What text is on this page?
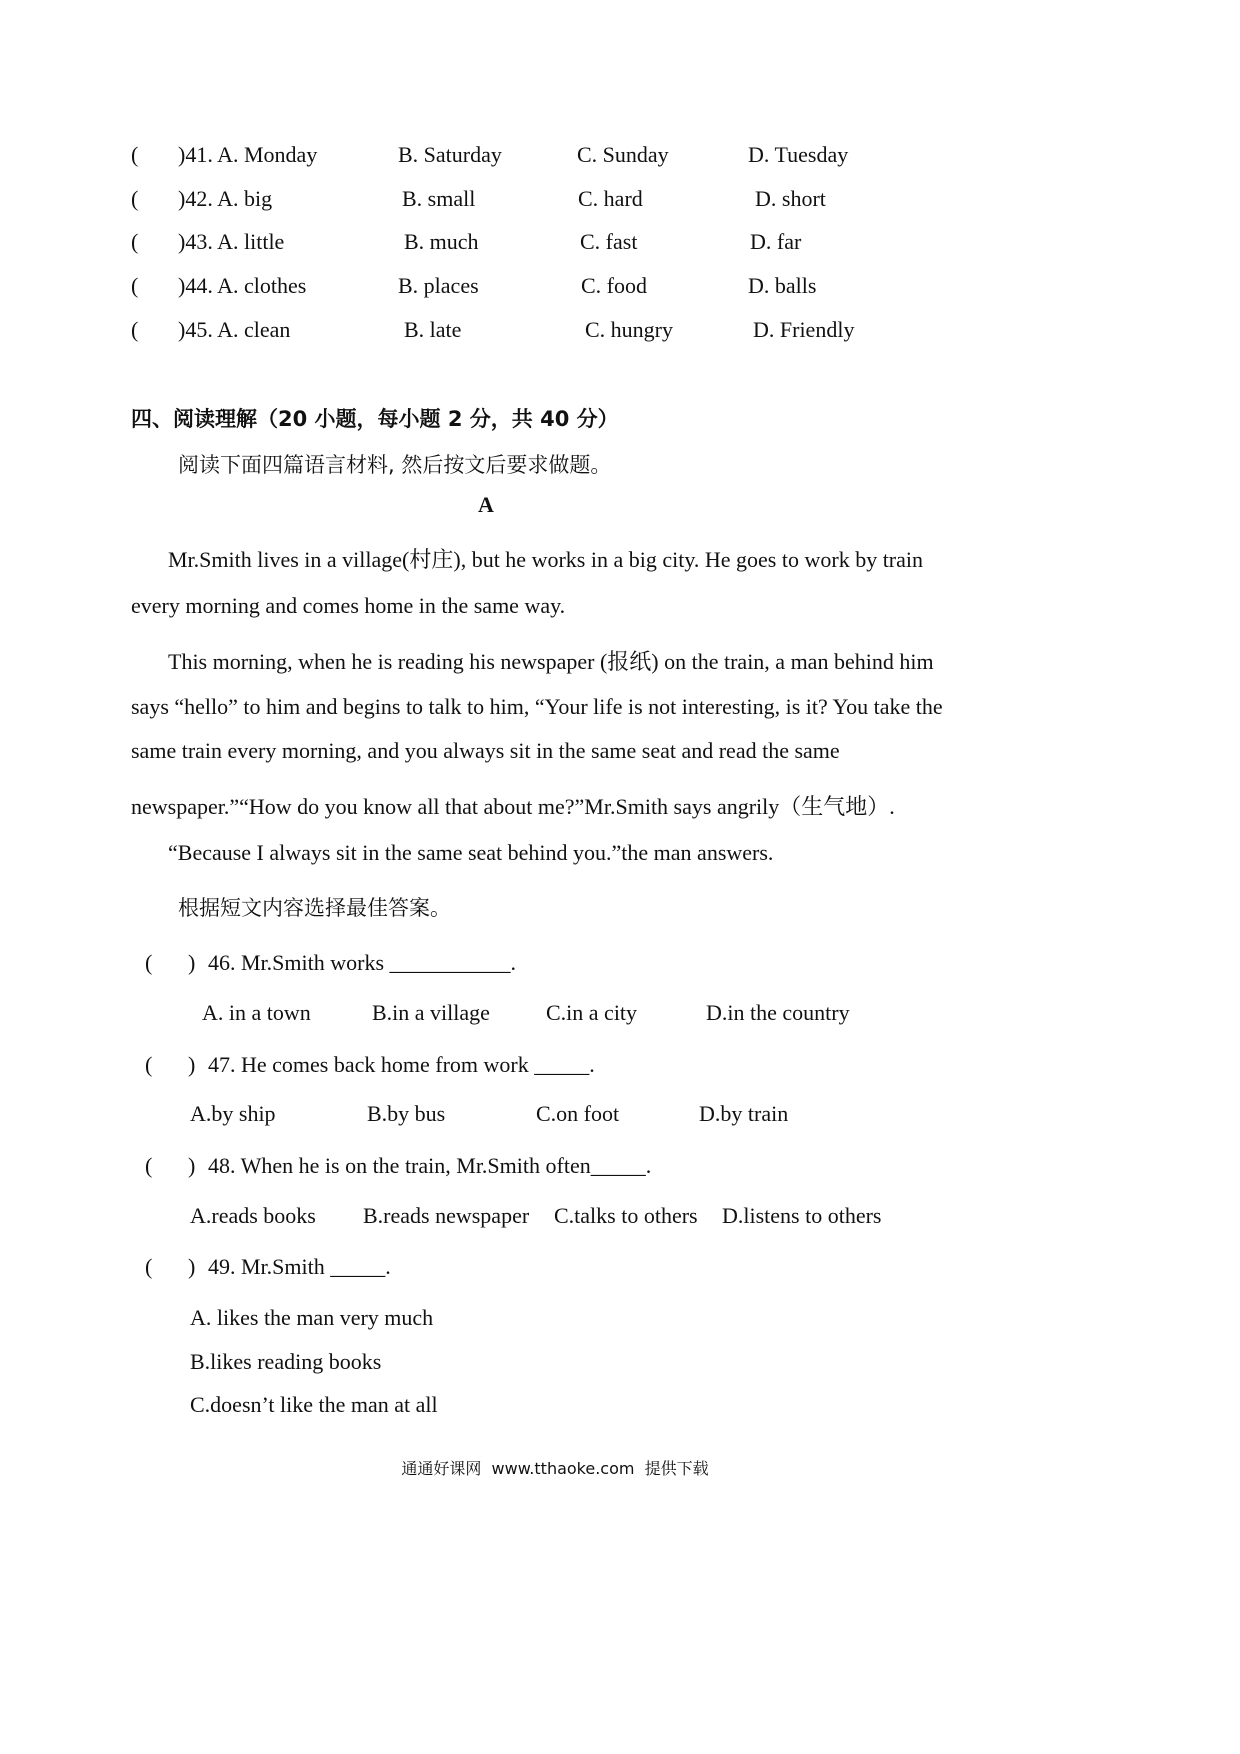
( )41. A. Monday	B. Saturday	C. Sunday	D. Tuesday
( )42. A. big	B. small	C. hard	D. short
( )43. A. little	B. much	C. fast	D. far
( )44. A. clothes	B. places	C. food	D. balls
( )45. A. clean	B. late	C. hungry	D. Friendly
四、阅读理解（20 小题，每小题 2 分，共 40 分）
阅读下面四篇语言材料, 然后按文后要求做题。
A
Mr.Smith lives in a village(村庄), but he works in a big city. He goes to work by train
every morning and comes home in the same way.
This morning, when he is reading his newspaper (报纸) on the train, a man behind him
says “hello” to him and begins to talk to him, “Your life is not interesting, is it? You take the
same train every morning, and you always sit in the same seat and read the same
newspaper.”“How do you know all that about me?”Mr.Smith says angrily（生气地）.
“Because I always sit in the same seat behind you.”the man answers.
根据短文内容选择最佳答案。
( ) 46. Mr.Smith works ___________.
A. in a town	B.in a village	C.in a city	D.in the country
( ) 47. He comes back home from work _____.
A.by ship	B.by bus	C.on foot	D.by train
( ) 48. When he is on the train, Mr.Smith often_____.
A.reads books B.reads newspaper C.talks to others D.listens to others
( ) 49. Mr.Smith _____.
A. likes the man very much
B.likes reading books
C.doesn’t like the man at all
通通好课网  www.tthaoke.com  提供下载
